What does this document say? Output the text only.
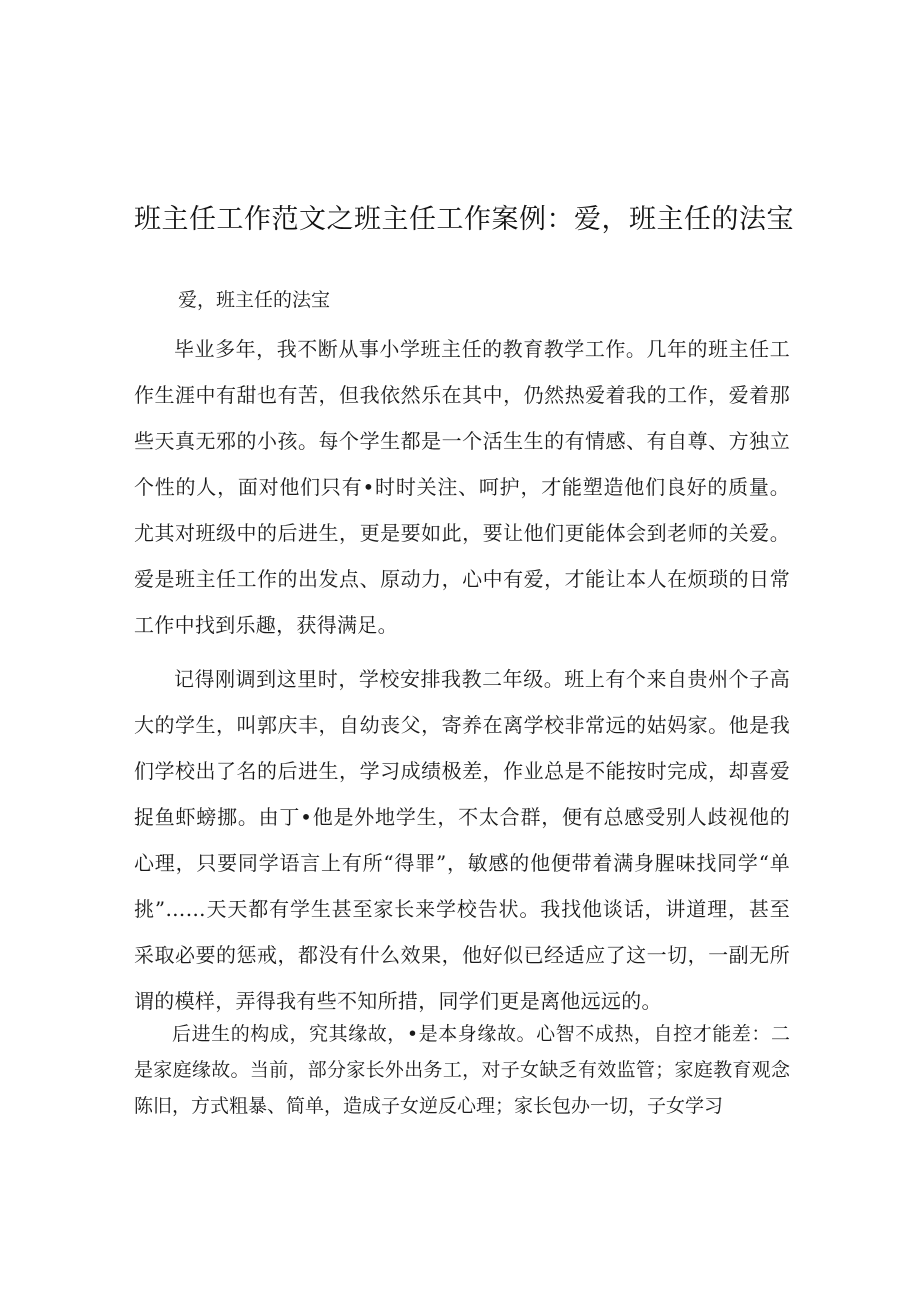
班主任工作范文之班主任工作案例：爱，班主任的法宝

爱，班主任的法宝

毕业多年，我不断从事小学班主任的教育教学工作。几年的班主任工作生涯中有甜也有苦，但我依然乐在其中，仍然热爱着我的工作，爱着那些天真无邪的小孩。每个学生都是一个活生生的有情感、有自尊、方独立个性的人，面对他们只有•时时关注、呵护，才能塑造他们良好的质量。尤其对班级中的后进生，更是要如此，要让他们更能体会到老师的关爱。爱是班主任工作的出发点、原动力，心中有爱，才能让本人在烦琐的日常工作中找到乐趣，获得满足。

记得刚调到这里时，学校安排我教二年级。班上有个来自贵州个子高大的学生，叫郭庆丰，自幼丧父，寄养在离学校非常远的姑妈家。他是我们学校出了名的后进生，学习成绩极差，作业总是不能按时完成，却喜爱捉鱼虾螃挪。由丁•他是外地学生，不太合群，便有总感受别人歧视他的心理，只要同学语言上有所“得罪”，敏感的他便带着满身腥味找同学“单挑”……天天都有学生甚至家长来学校告状。我找他谈话，讲道理，甚至采取必要的惩戒，都没有什么效果，他好似已经适应了这一切，一副无所谓的模样，弄得我有些不知所措，同学们更是离他远远的。

后进生的构成，究其缘故，•是本身缘故。心智不成热，自控才能差：二是家庭缘故。当前，部分家长外出务工，对子女缺乏有效监管；家庭教育观念陈旧，方式粗暴、简单，造成子女逆反心理；家长包办一切，子女学习
